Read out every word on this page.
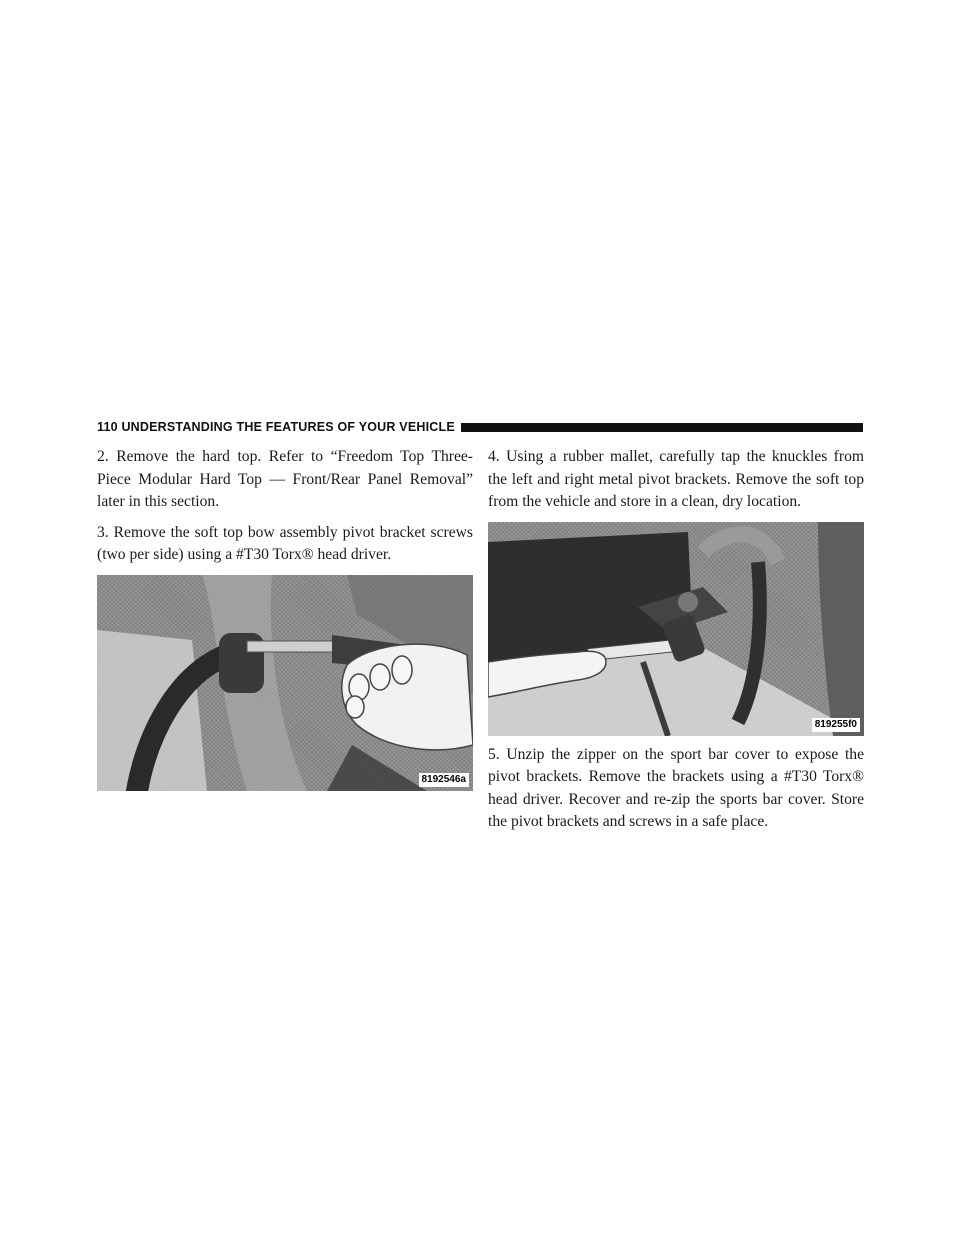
110 UNDERSTANDING THE FEATURES OF YOUR VEHICLE

2. Remove the hard top. Refer to “Freedom Top Three-Piece Modular Hard Top — Front/Rear Panel Removal” later in this section.

3. Remove the soft top bow assembly pivot bracket screws (two per side) using a #T30 Torx® head driver.

8192546a

4. Using a rubber mallet, carefully tap the knuckles from the left and right metal pivot brackets. Remove the soft top from the vehicle and store in a clean, dry location.

819255f0

5. Unzip the zipper on the sport bar cover to expose the pivot brackets. Remove the brackets using a #T30 Torx® head driver. Recover and re-zip the sports bar cover. Store the pivot brackets and screws in a safe place.
